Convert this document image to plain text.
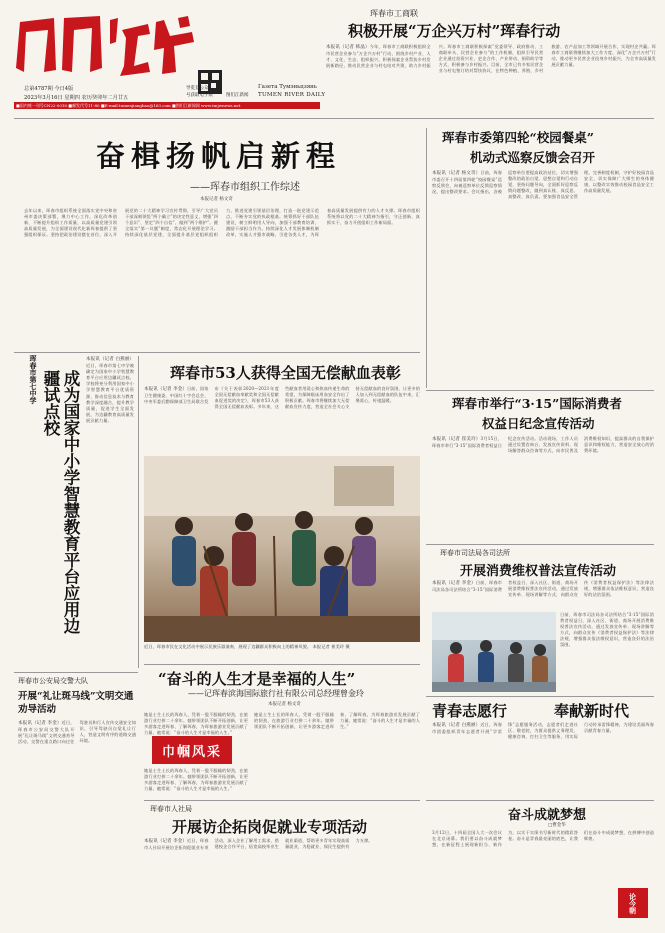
总第4787期 今日4版
2023年3月16日 星期四 农历癸卯年二月廿五
导览登公众
号获取电子版	图们江新闻
Газета Тумэньцзянь
TUMEN RIVER DAILY
■国内统一刊号CN22-0018 ■邮发代号11-80 ■E-mail:tumenjiangbao@163.com ■图们江新闻网 www.tmjwnews.net
珲春市工商联
积极开展“万企兴万村”珲春行动
本报讯（记者 韩晶）今年，珲春市工商联积极组织全市民营企业参与“万企兴万村”行动，围绕乡村产业、人才、文化、生态、组织振兴，积极探索企业帮扶乡村发展新路径，推动民营企业与村屯结对共建，助力乡村振兴。珲春市工商联积极探索“党委领导、政府推动、工商联牵头、民营企业参与”的工作机制，组织引导民营企业通过投资兴业、吏企合作、产业带动、捐资助学等方式，积极参与乡村振兴。目前，全市已有多家民营企业与村屯签订结对帮扶协议，在特色种植、养殖、乡村旅游、农产品加工等领域开展合作，实现村企共赢。珲春市工商联将继续加大工作力度，深化“万企兴万村”行动，推动更多民营企业投身乡村振兴，为全市高质量发展贡献力量。
奋楫扬帆启新程
——珲春市组织工作综述
本报记者 杨文奇
去年以来，珲春市组织系统全面落实党中央和省州市委决策部署，聚力中心工作，深化改革创新，不断提升组织工作质量，以高质量党建引领高质量发展，为全面建设现代化新珲春提供了坚强组织保证。坚持把政治建设摆在首位，深入开展党的二十大精神学习宣传贯彻，引导广大党员干部深刻领悟“两个确立”的决定性意义，增强“四个意识”、坚定“四个自信”、做到“两个维护”。健全落实“第一议题”制度，常态化开展理论学习。持续深化基层党建，全面提升基层党组织组织力，推进党建引领基层治理，打造一批党建示范点，不断夯实党的执政根基。统筹抓好干部队伍建设，树立鲜明用人导向，加强干部教育培训，激励干部担当作为。持续深化人才发展体制机制改革，实施人才强市战略，引进各类人才，为珲春高质量发展提供有力的人才支撑。珲春市组织系统将以党的二十大精神为指引，守正创新、真抓实干，奋力开创组织工作新局面。
珲春市委第四轮“校园餐桌”
机动式巡察反馈会召开
本报讯（记者 杨文奇）日前，珲春市委召开十四届第四轮“校园餐桌”巡察反馈会，向被巡察单位反馈巡察情况，提出整改要求。会议指出，各被巡察单位要提高政治站位，切实增强整改的政治自觉、思想自觉和行动自觉，坚持问题导向，全面抓好巡察反馈问题整改，做到真认账、真反思、真整改、真负责。要加强食品安全管理，完善制度机制，守护好校园食品安全，切实保障广大师生的身体健康，以整改实效推动校园食品安全工作高质量发展。
珲春市第七中学	成为国家中小学智慧教育平台应用边疆试点校
本报讯（记者 白燕丽）近日，珲春市第七中学被确定为国家中小学智慧教育平台应用边疆试点校。学校将充分利用国家中小学智慧教育平台优质资源，推动信息技术与教育教学深度融合，提升教学质量，促进学生全面发展，为边疆教育高质量发展贡献力量。
珲春市53人获得全国无偿献血表彰
本报讯（记者 李金）日前，国家卫生健康委、中国红十字会总会、中央军委后勤保障部卫生局联合发布《关于表彰2020—2021年度全国无偿献血奉献奖和全国无偿献血促进奖的决定》，珲春市53人获得全国无偿献血表彰。多年来，这些献血者用爱心和热血传递生命的希望，为保障临床用血安全作出了积极贡献。珲春市将继续加大无偿献血宣传力度，营造全社会关心支持无偿献血的良好氛围，让更多的人加入到无偿献血的队伍中来，汇聚爱心，传递温暖。
近日，珲春市民在文化活动中展示民族乐器演奏，展现了边疆群众积极向上的精神风貌。 本报记者 崔美玲 摄
珲春市举行“3·15”国际消费者
权益日纪念宣传活动
本报讯（记者 崔美玲）3月15日，珲春市举行“3·15”国际消费者权益日纪念宣传活动。活动现场，工作人员通过设置咨询台、发放宣传资料、现场解答群众咨询等方式，向市民普及消费维权知识，提高群众的自我保护意识和维权能力，营造安全放心的消费环境。
珲春市司法局各司法所
开展消费维权普法宣传活动
本报讯（记者 李金）日前，珲春市司法局各司法所结合“3·15”国际消费者权益日，深入社区、街道、商场开展消费维权普法宣传活动，通过发放宣传单、现场讲解等方式，向群众宣传《消费者权益保护法》等法律法规，增强群众依法维权意识，营造良好的法治氛围。
日前，珲春市司法局各司法所结合“3·15”国际消费者权益日，深入社区、街道、商场开展消费维权普法宣传活动，通过发放宣传单、现场讲解等方式，向群众宣传《消费者权益保护法》等法律法规，增强群众依法维权意识，营造良好的法治氛围。
青春志愿行	奉献新时代
本报讯（记者 白燕丽）近日，珲春市团委组织青年志愿者开展“学雷锋”志愿服务活动，志愿者们走进社区、敬老院，为群众提供义务理发、健康咨询、打扫卫生等服务，用实际行动传承雷锋精神，为建设美丽珲春贡献青春力量。
奋斗成就梦想
□曹金华
3月12日，十四届全国人大一次会议在北京闭幕。我们要以奋斗成就梦想，在新征程上展现新担当、新作为，以实干实绩书写新时代的精彩答卷。奋斗是青春最亮丽的底色，让我们在奋斗中成就梦想，在拼搏中创造辉煌。
论今朝
珲春市公安局交警大队
开展“礼让斑马线”文明交通劝导活动
本报讯（记者 李金）近日，珲春市公安局交警大队开展“礼让斑马线”文明交通劝导活动，交警在重点路口向过往驾驶员和行人宣传交通安全知识，引导驾驶员自觉礼让行人，营造文明有序的道路交通环境。
“奋斗的人生才是幸福的人生”
——记珲春滨海国际旅行社有限公司总经理曾金玲
本报记者 杨文奇
她是土生土长的珲春人，凭着一股不服输的韧劲，在旅游行业打拼二十余年。她带领团队不断开拓创新，让更多游客走进珲春、了解珲春，为珲春旅游业发展贡献了力量。她常说：“奋斗的人生才是幸福的人生。”
巾帼风采
她是土生土长的珲春人，凭着一股不服输的韧劲，在旅游行业打拼二十余年。她带领团队不断开拓创新，让更多游客走进珲春、了解珲春，为珲春旅游业发展贡献了力量。她常说：“奋斗的人生才是幸福的人生。”
她是土生土长的珲春人，凭着一股不服输的韧劲，在旅游行业打拼二十余年。她带领团队不断开拓创新，让更多游客走进珲春、了解珲春，为珲春旅游业发展贡献了力量。她常说：“奋斗的人生才是幸福的人生。”
珲春市人社局
开展访企拓岗促就业专项活动
本报讯（记者 李金）近日，珲春市人社局开展访企拓岗促就业专项活动，深入企业了解用工需求，搭建校企合作平台，拓宽高校毕业生就业渠道，帮助更多青年实现高质量就业，为稳就业、保民生提供有力支撑。
